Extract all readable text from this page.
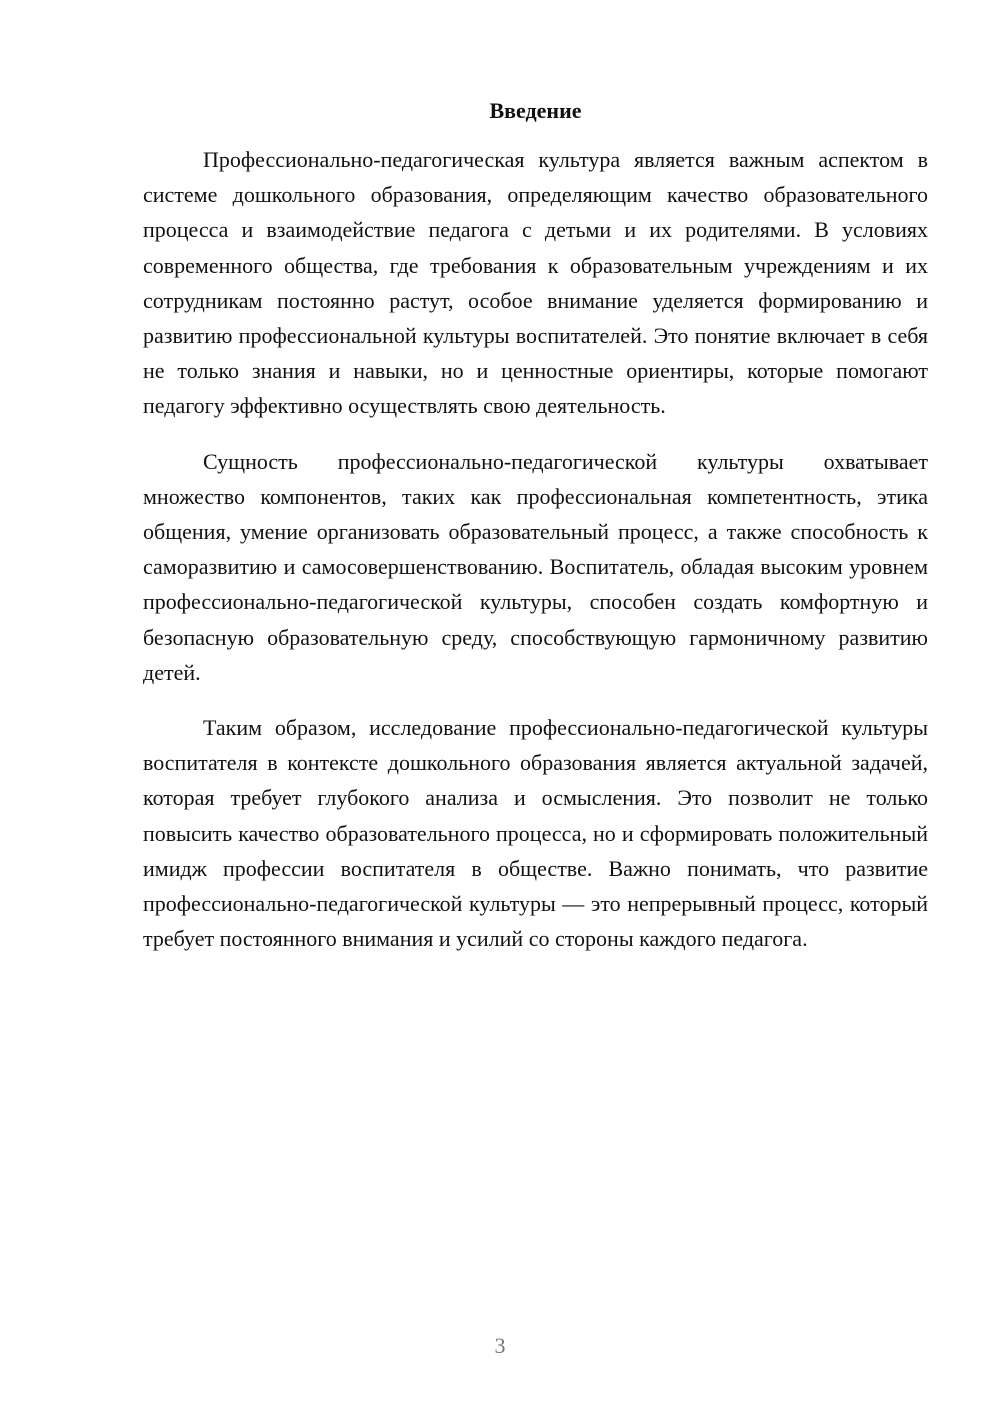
Введение

Профессионально-педагогическая культура является важным аспектом в системе дошкольного образования, определяющим качество образовательного процесса и взаимодействие педагога с детьми и их родителями. В условиях современного общества, где требования к образовательным учреждениям и их сотрудникам постоянно растут, особое внимание уделяется формированию и развитию профессиональной культуры воспитателей. Это понятие включает в себя не только знания и навыки, но и ценностные ориентиры, которые помогают педагогу эффективно осуществлять свою деятельность.

Сущность профессионально-педагогической культуры охватывает множество компонентов, таких как профессиональная компетентность, этика общения, умение организовать образовательный процесс, а также способность к саморазвитию и самосовершенствованию. Воспитатель, обладая высоким уровнем профессионально-педагогической культуры, способен создать комфортную и безопасную образовательную среду, способствующую гармоничному развитию детей.

Таким образом, исследование профессионально-педагогической культуры воспитателя в контексте дошкольного образования является актуальной задачей, которая требует глубокого анализа и осмысления. Это позволит не только повысить качество образовательного процесса, но и сформировать положительный имидж профессии воспитателя в обществе. Важно понимать, что развитие профессионально-педагогической культуры — это непрерывный процесс, который требует постоянного внимания и усилий со стороны каждого педагога.

3
